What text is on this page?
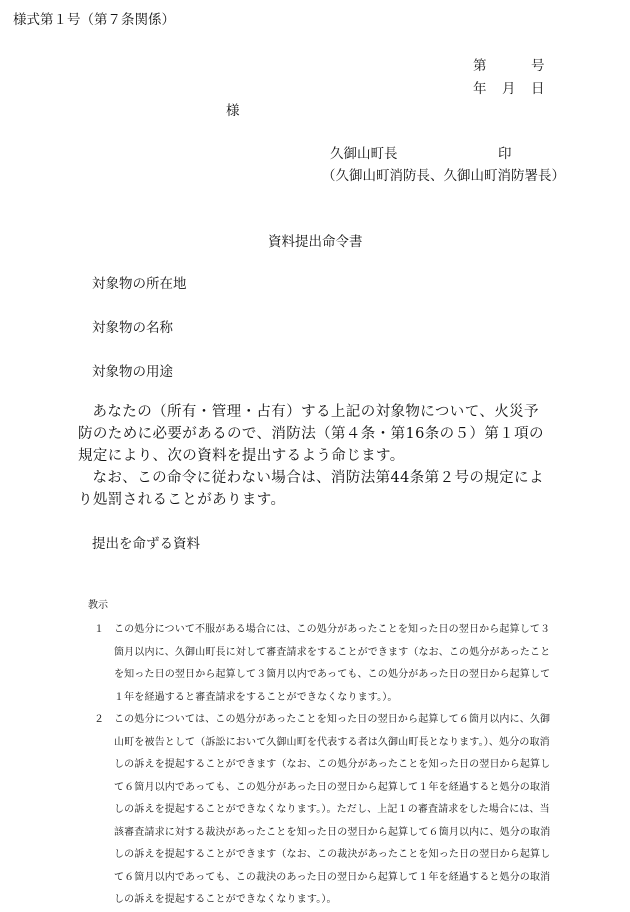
様式第１号（第７条関係）
第　　　号
年　月　日
様
久御山町長	印
（久御山町消防長、久御山町消防署長）
資料提出命令書
対象物の所在地
対象物の名称
対象物の用途

あなたの（所有・管理・占有）する上記の対象物について、火災予防のために必要があるので、消防法（第４条・第16条の５）第１項の規定により、次の資料を提出するよう命じます。

なお、この命令に従わない場合は、消防法第44条第２号の規定により処罰されることがあります。

提出を命ずる資料
教示
１ この処分について不服がある場合には、この処分があったことを知った日の翌日から起算して３箇月以内に、久御山町長に対して審査請求をすることができます（なお、この処分があったことを知った日の翌日から起算して３箇月以内であっても、この処分があった日の翌日から起算して１年を経過すると審査請求をすることができなくなります。）。
２ この処分については、この処分があったことを知った日の翌日から起算して６箇月以内に、久御山町を被告として（訴訟において久御山町を代表する者は久御山町長となります。）、処分の取消しの訴えを提起することができます（なお、この処分があったことを知った日の翌日から起算して６箇月以内であっても、この処分があった日の翌日から起算して１年を経過すると処分の取消しの訴えを提起することができなくなります。）。ただし、上記１の審査請求をした場合には、当該審査請求に対する裁決があったことを知った日の翌日から起算して６箇月以内に、処分の取消しの訴えを提起することができます（なお、この裁決があったことを知った日の翌日から起算して６箇月以内であっても、この裁決のあった日の翌日から起算して１年を経過すると処分の取消しの訴えを提起することができなくなります。）。
